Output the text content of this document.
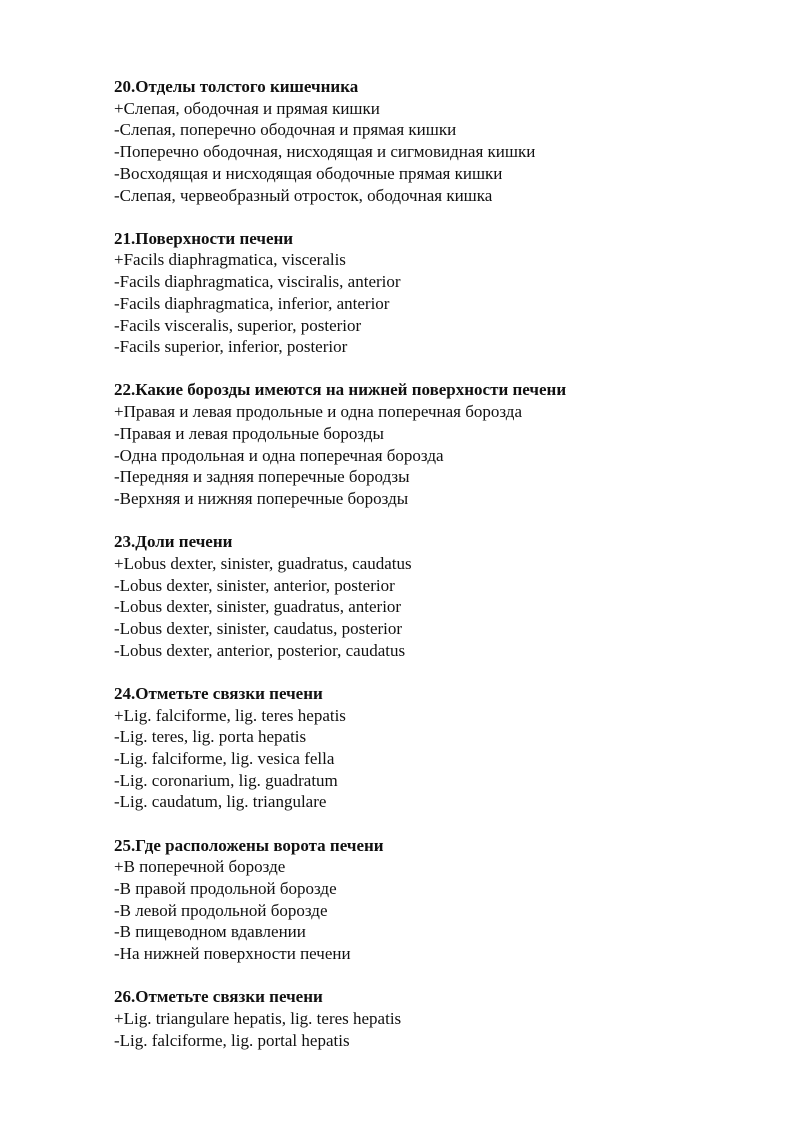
20.Отделы толстого кишечника
+Слепая, ободочная и прямая кишки
-Слепая, поперечно ободочная и прямая кишки
-Поперечно ободочная, нисходящая и сигмовидная кишки
-Восходящая и нисходящая ободочные прямая кишки
-Слепая, червеобразный отросток, ободочная кишка
21.Поверхности печени
+Facils diaphragmatica, visceralis
-Facils diaphragmatica, visciralis, anterior
-Facils diaphragmatica, inferior, anterior
-Facils visceralis, superior, posterior
-Facils superior, inferior, posterior
22.Какие борозды имеются на нижней поверхности печени
+Правая и левая продольные и одна поперечная борозда
-Правая и левая продольные борозды
-Одна продольная и одна поперечная борозда
-Передняя и задняя поперечные бородзы
-Верхняя и нижняя поперечные борозды
23.Доли печени
+Lobus dexter, sinister, guadratus, caudatus
-Lobus dexter, sinister, anterior, posterior
-Lobus dexter, sinister, guadratus, anterior
-Lobus dexter, sinister, caudatus, posterior
-Lobus dexter, anterior, posterior, caudatus
24.Отметьте связки печени
+Lig. falciforme, lig. teres hepatis
-Lig. teres, lig. porta hepatis
-Lig. falciforme, lig. vesica fella
-Lig. coronarium, lig. guadratum
-Lig. caudatum, lig. triangulare
25.Где расположены ворота печени
+В поперечной борозде
-В правой продольной борозде
-В левой продольной борозде
-В пищеводном вдавлении
-На нижней поверхности печени
26.Отметьте связки печени
+Lig. triangulare hepatis, lig. teres hepatis
-Lig. falciforme, lig. portal hepatis
